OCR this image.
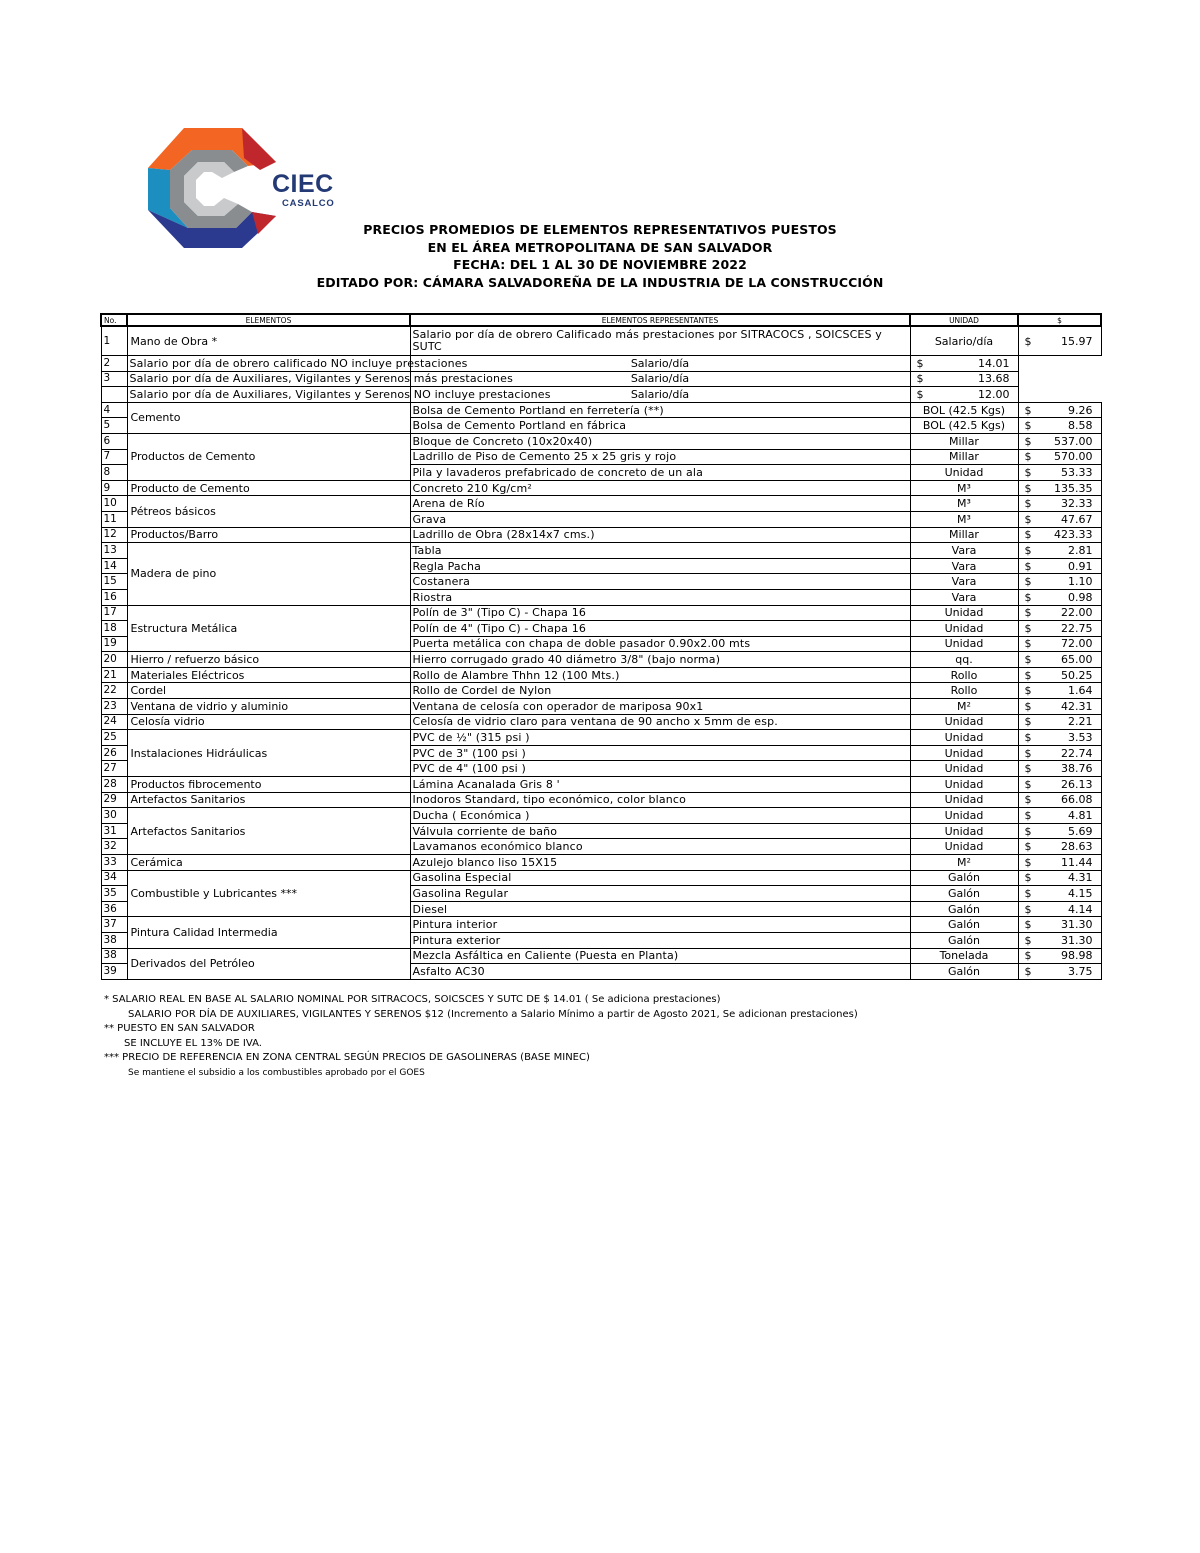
CIEC
CASALCO
PRECIOS PROMEDIOS DE ELEMENTOS REPRESENTATIVOS PUESTOS
EN EL ÁREA METROPOLITANA DE SAN SALVADOR
FECHA: DEL 1 AL 30 DE NOVIEMBRE 2022
EDITADO POR: CÁMARA SALVADOREÑA DE LA INDUSTRIA DE LA CONSTRUCCIÓN
No.	ELEMENTOS	ELEMENTOS REPRESENTANTES	UNIDAD	$
1	Mano de Obra *	Salario por día de obrero Calificado más prestaciones por SITRACOCS , SOICSCES y SUTC	Salario/día	$ 15.97

2	Salario por día de obrero calificado NO incluye prestaciones	Salario/día	$ 14.01	

3	Salario por día de Auxiliares, Vigilantes y Serenos más prestaciones	Salario/día	$ 13.68	

	Salario por día de Auxiliares, Vigilantes y Serenos NO incluye prestaciones	Salario/día	$ 12.00	

4	Cemento	Bolsa de Cemento Portland en ferretería (**)	BOL (42.5 Kgs)	$ 9.26

5		Bolsa de Cemento Portland en fábrica	BOL (42.5 Kgs)	$ 8.58

6	Productos de Cemento	Bloque de Concreto (10x20x40)	Millar	$ 537.00

7		Ladrillo de Piso de Cemento 25 x 25 gris y rojo	Millar	$ 570.00

8		Pila y lavaderos prefabricado de concreto de un ala	Unidad	$ 53.33

9	Producto de Cemento	Concreto 210 Kg/cm²	M³	$ 135.35

10	Pétreos básicos	Arena de Río	M³	$ 32.33

11		Grava	M³	$ 47.67

12	Productos/Barro	Ladrillo de Obra (28x14x7 cms.)	Millar	$ 423.33

13	Madera de pino	Tabla	Vara	$ 2.81

14		Regla Pacha	Vara	$ 0.91

15		Costanera	Vara	$ 1.10

16		Riostra	Vara	$ 0.98

17	Estructura Metálica	Polín de 3" (Tipo C) - Chapa 16	Unidad	$ 22.00

18		Polín de 4" (Tipo C) - Chapa 16	Unidad	$ 22.75

19		Puerta metálica con chapa de doble pasador 0.90x2.00 mts	Unidad	$ 72.00

20	Hierro / refuerzo básico	Hierro corrugado grado 40 diámetro 3/8" (bajo norma)	qq.	$ 65.00

21	Materiales Eléctricos	Rollo de Alambre Thhn 12 (100 Mts.)	Rollo	$ 50.25

22	Cordel	Rollo de Cordel de Nylon	Rollo	$ 1.64

23	Ventana de vidrio y aluminio	Ventana de celosía con operador de mariposa 90x1	M²	$ 42.31

24	Celosía vidrio	Celosía de vidrio claro para ventana de 90 ancho x 5mm de esp.	Unidad	$ 2.21

25	Instalaciones Hidráulicas	PVC de ½" (315 psi )	Unidad	$ 3.53

26		PVC de 3" (100 psi )	Unidad	$ 22.74

27		PVC de 4" (100 psi )	Unidad	$ 38.76

28	Productos fibrocemento	Lámina Acanalada Gris 8 '	Unidad	$ 26.13

29	Artefactos Sanitarios	Inodoros Standard, tipo económico, color blanco	Unidad	$ 66.08

30	Artefactos Sanitarios	Ducha ( Económica )	Unidad	$ 4.81

31		Válvula corriente de baño	Unidad	$ 5.69

32		Lavamanos económico blanco	Unidad	$ 28.63

33	Cerámica	Azulejo blanco liso 15X15	M²	$ 11.44

34	Combustible y Lubricantes ***	Gasolina Especial	Galón	$ 4.31

35		Gasolina Regular	Galón	$ 4.15

36		Diesel	Galón	$ 4.14

37	Pintura Calidad Intermedia	Pintura interior	Galón	$ 31.30

38		Pintura exterior	Galón	$ 31.30

38	Derivados del Petróleo	Mezcla Asfáltica en Caliente (Puesta en Planta)	Tonelada	$ 98.98

39		Asfalto AC30	Galón	$ 3.75
* SALARIO REAL EN BASE AL SALARIO NOMINAL POR SITRACOCS, SOICSCES Y SUTC DE $ 14.01 ( Se adiciona prestaciones)
SALARIO POR DÍA DE AUXILIARES, VIGILANTES Y SERENOS $12 (Incremento a Salario Mínimo a partir de Agosto 2021, Se adicionan prestaciones)
** PUESTO EN SAN SALVADOR
SE INCLUYE EL 13% DE IVA.
*** PRECIO DE REFERENCIA EN ZONA CENTRAL SEGÚN PRECIOS DE GASOLINERAS (BASE MINEC)
Se mantiene el subsidio a los combustibles aprobado por el GOES
